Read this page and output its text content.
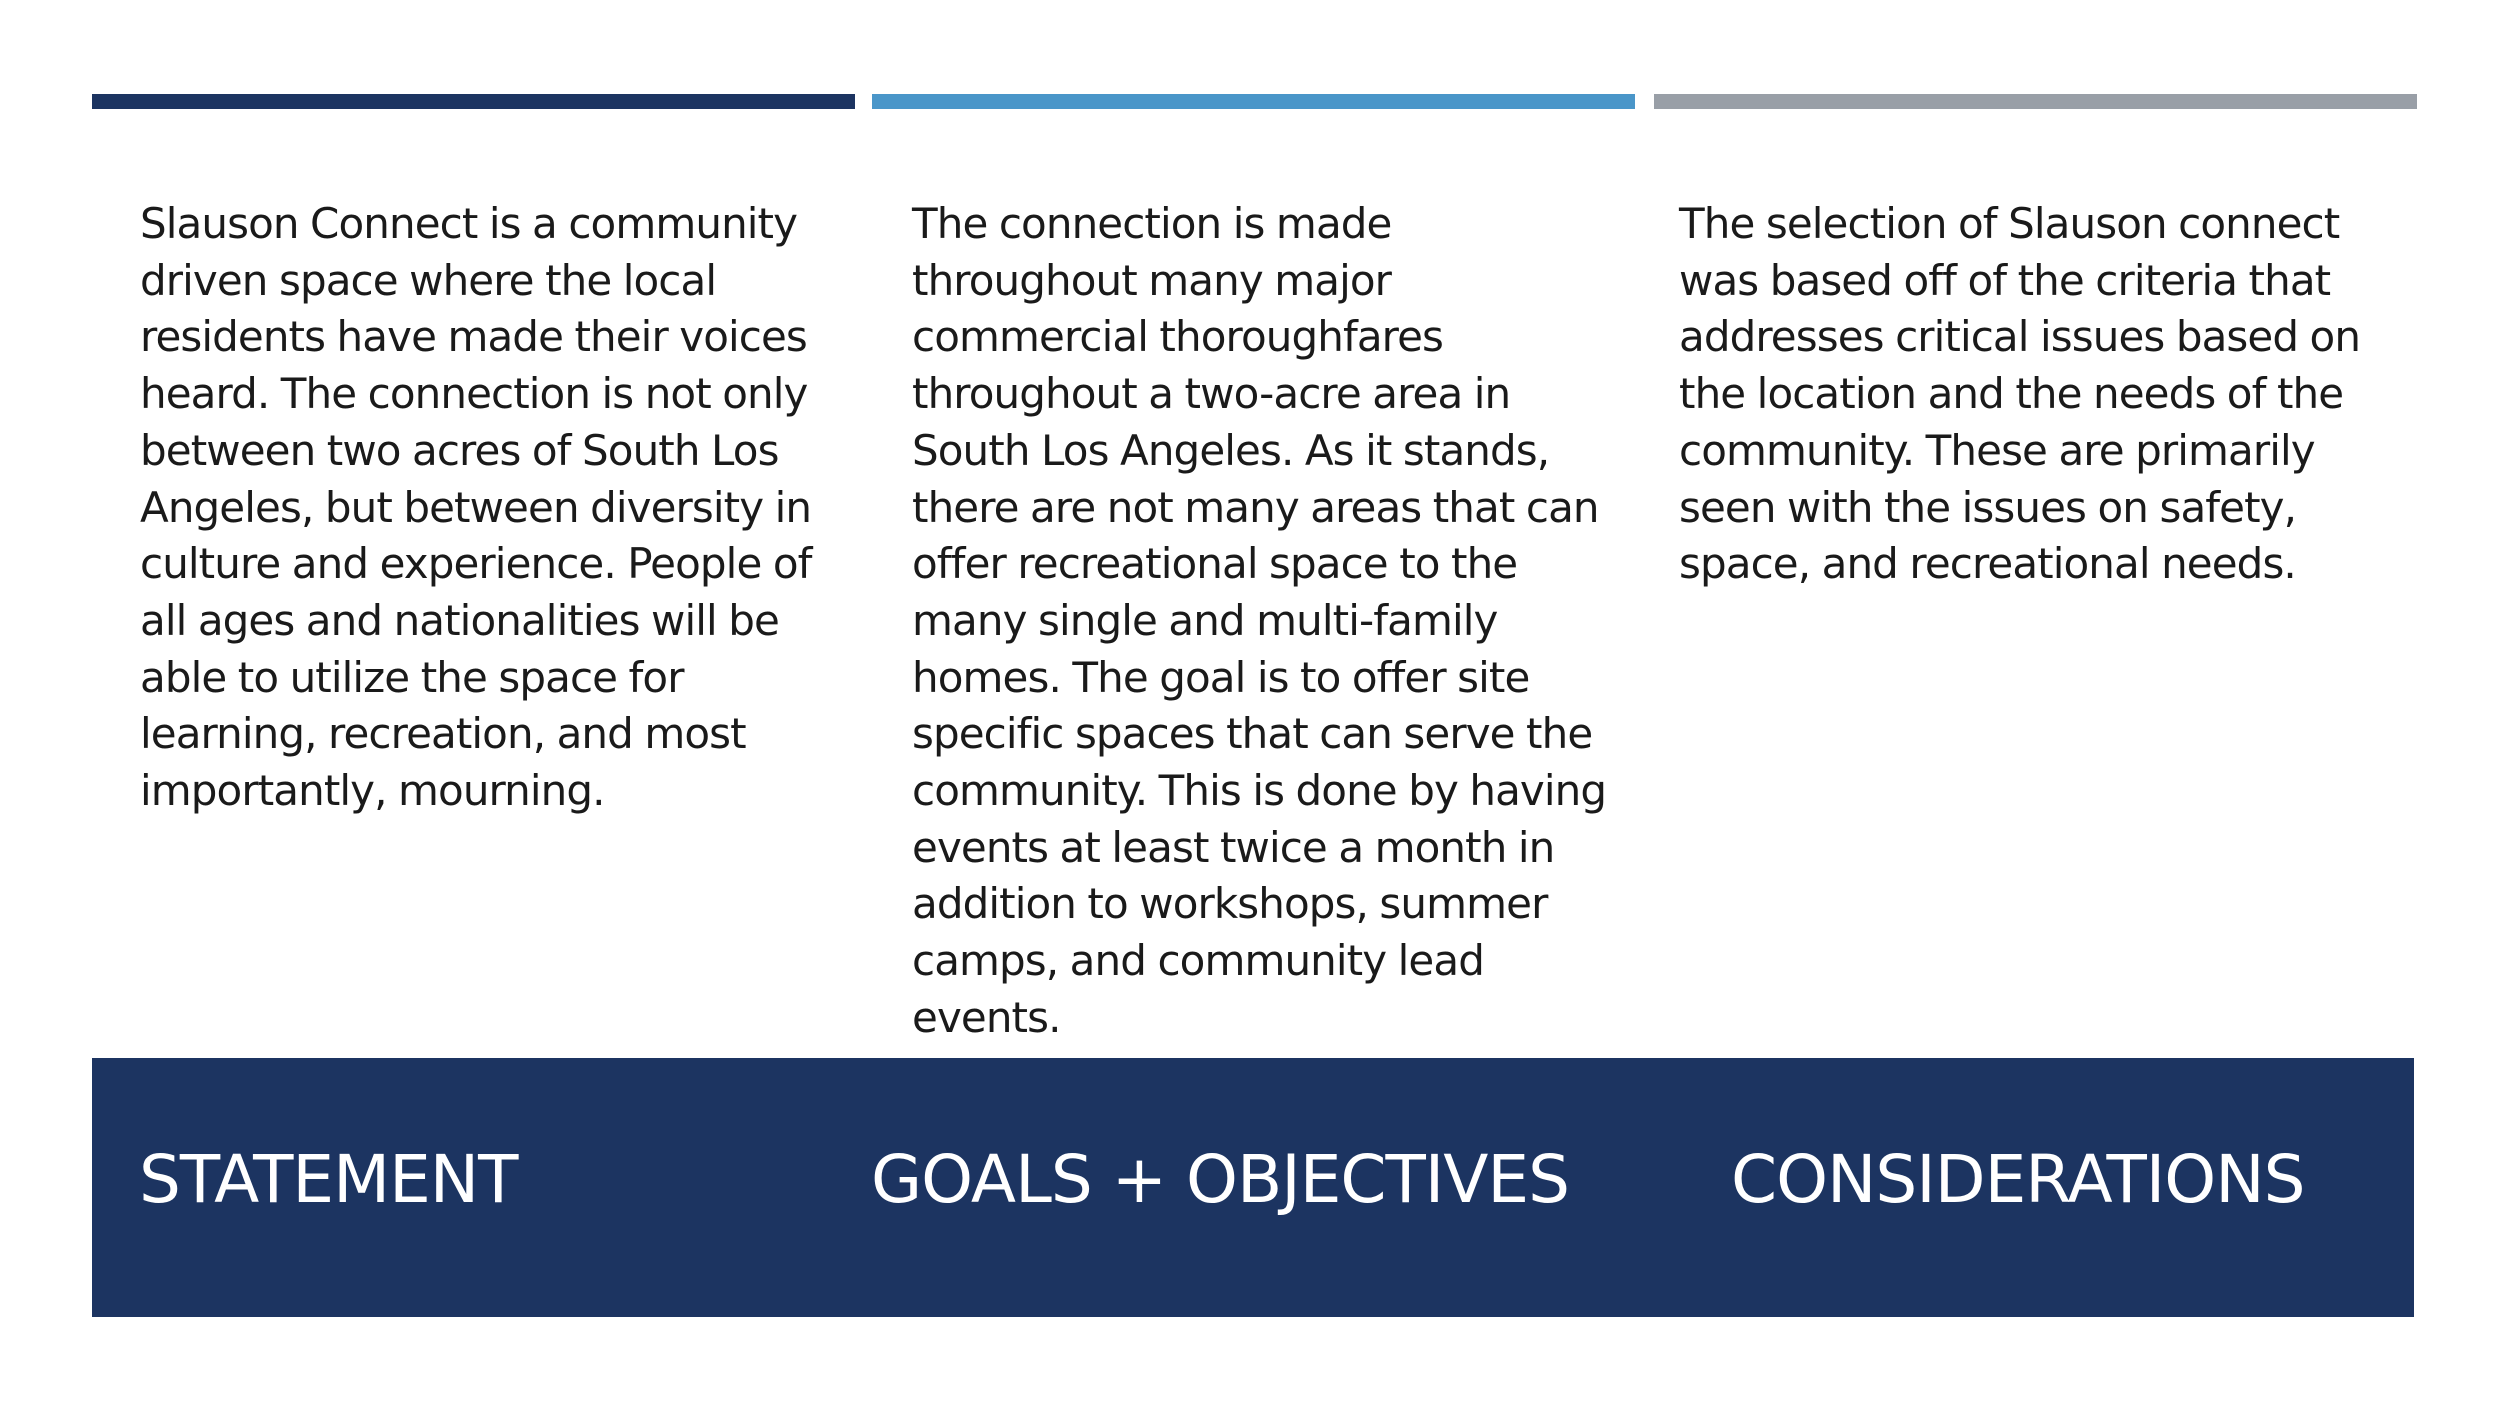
Slauson Connect is a community driven space where the local residents have made their voices heard. The connection is not only between two acres of South Los Angeles, but between diversity in culture and experience. People of all ages and nationalities will be able to utilize the space for learning, recreation, and most importantly, mourning.

The connection is made throughout many major commercial thoroughfares throughout a two-acre area in South Los Angeles. As it stands, there are not many areas that can offer recreational space to the many single and multi-family homes. The goal is to offer site specific spaces that can serve the community. This is done by having events at least twice a month in addition to workshops, summer camps, and community lead events.

The selection of Slauson connect was based off of the criteria that addresses critical issues based on the location and the needs of the community. These are primarily seen with the issues on safety, space, and recreational needs.

STATEMENT	GOALS + OBJECTIVES CONSIDERATIONS
